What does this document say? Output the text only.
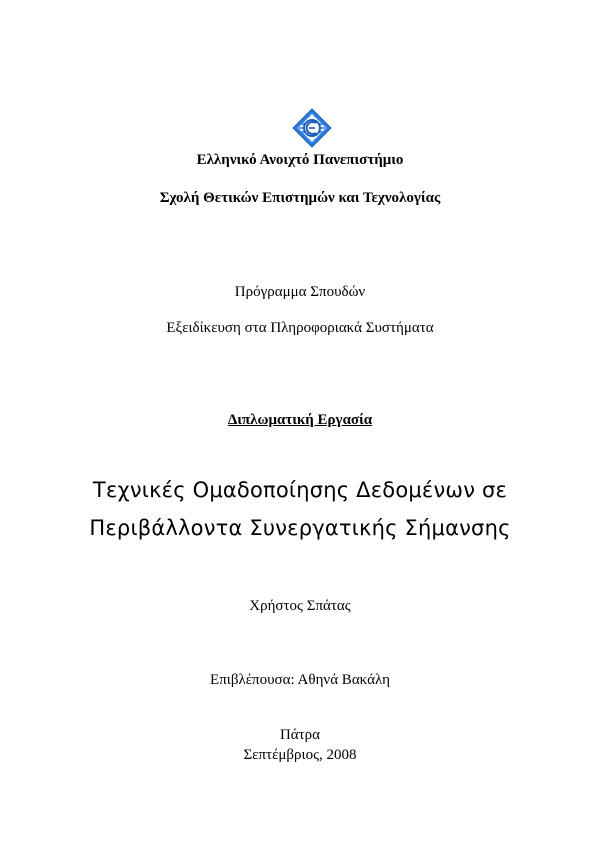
Ελληνικό Ανοιχτό Πανεπιστήμιο
Σχολή Θετικών Επιστημών και Τεχνολογίας
Πρόγραμμα Σπουδών
Εξειδίκευση στα Πληροφοριακά Συστήματα
Διπλωματική Εργασία
Τεχνικές Ομαδοποίησης Δεδομένων σε
Περιβάλλοντα Συνεργατικής Σήμανσης
Χρήστος Σπάτας
Επιβλέπουσα: Αθηνά Βακάλη
Πάτρα
Σεπτέμβριος, 2008
